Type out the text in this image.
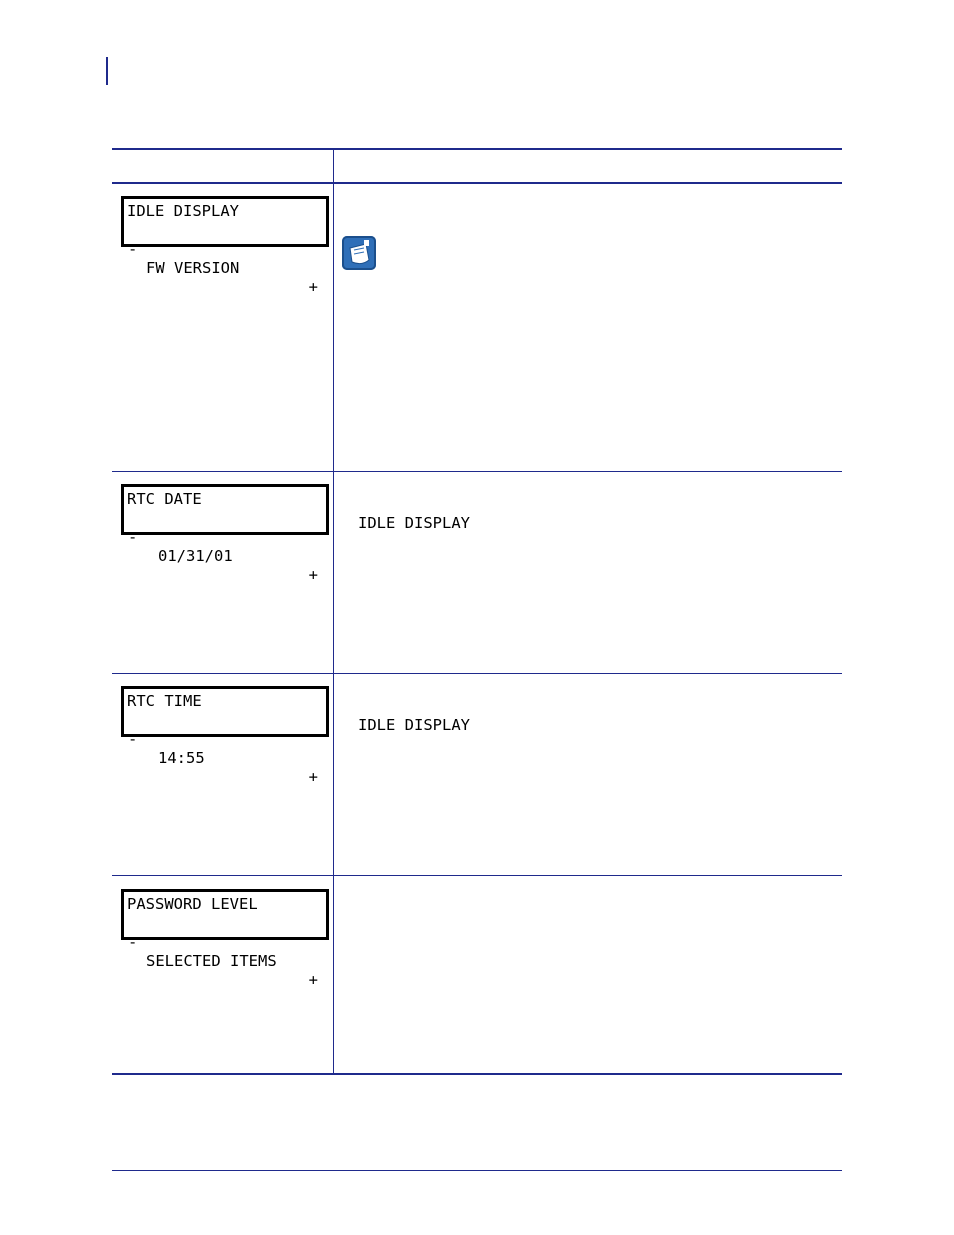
IDLE DISPLAY

-

FW VERSION

+

RTC DATE

-

01/31/01

+

IDLE DISPLAY
RTC TIME

-

14:55

+

IDLE DISPLAY
PASSWORD LEVEL

-

SELECTED ITEMS

+
